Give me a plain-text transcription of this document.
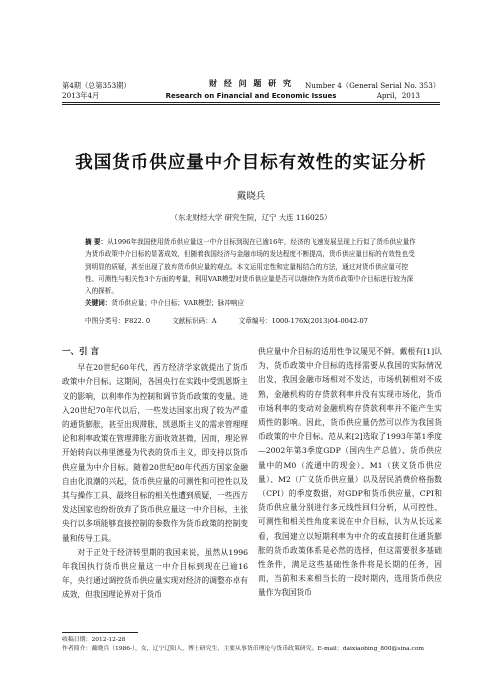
第4期（总第353期）
2013年4月
财 经 问 题 研 究
Research on Financial and Economic Issues
Number 4（General Serial No. 353）
April，2013
我国货币供应量中介目标有效性的实证分析
戴晓兵
（东北财经大学 研究生院，辽宁 大连 116025）
摘 要：从1996年我国使用货币供应量这一中介目标到现在已逾16年，经济的飞速发展呈现上行似了货币供应量作为货币政策中介目标的显著成效，但随着我国经济与金融市场的发达程度不断提高，货币供应量目标的有效性也受到明显的质疑，甚至出现了放弃货币供应量的观点。本文运用定性和定量相结合的方法，通过对货币供应量可控性、可测性与相关性3个方面的考量，利用VAR模型对货币供应量是否可以继续作为货币政策中介目标进行较为深入的探析。
关键词：货币供应量；中介目标；VAR模型；脉冲响应
中图分类号：F822. 0	文献标识码：A	文章编号：1000-176X(2013)04-0042-07
一、引 言

早在20世纪60年代，西方经济学家就提出了货币政策中介目标。这期间，各国央行在实践中受凯恩斯主义的影响，以利率作为控制和调节货币政策的变量。进入20世纪70年代以后，一些发达国家出现了较为严重的通货膨胀，甚至出现滞胀，凯恩斯主义的需求管理理论和利率政策在管理滞胀方面收效甚微，因而，理论界开始转向以弗里德曼为代表的货币主义，即支持以货币供应量为中介目标。随着20世纪80年代西方国家金融自由化浪潮的兴起，货币供应量的可测性和可控性以及其与操作工具、最终目标的相关性遭到质疑，一些西方发达国家也纷纷放弃了货币供应量这一中介目标，主张央行以多项能够直接控制的参数作为货币政策的控制变量和传导工具。

对于正处于经济转型期的我国来说，虽然从1996年我国执行货币供应量这一中介目标到现在已逾16年，央行通过调控货币供应量实现对经济的调整亦卓有成效，但我国理论界对于货币

供应量中介目标的适用性争议屡见不鲜。戴根有[1]认为，货币政策中介目标的选择需要从我国的实际情况出发，我国金融市场相对不发达，市场机制相对不成熟，金融机构的存贷款利率并没有实现市场化，货币市场利率的变动对金融机构存贷款利率并不能产生实质性的影响。因此，货币供应量仍然可以作为我国货币政策的中介目标。范从来[2]选取了1993年第1季度—2002年第3季度GDP（国内生产总值）、货币供应量中的M0（流通中的现金）、M1（狭义货币供应量）、M2（广义货币供应量）以及居民消费价格指数（CPI）的季度数据，对GDP和货币供应量，CPI和货币供应量分别进行多元线性回归分析，从可控性、可测性和相关性角度来说在中介目标，认为从长远来看，我国建立以短期利率为中介的或直接盯住通货膨胀的货币政策体系是必然的选择，但这需要很多基础性条件，满足这些基础性条件将是长期的任务，因而，当前和未来相当长的一段时期内，选用货币供应量作为我国货币

收稿日期：2012-12-28
作者简介：戴晓兵（1986-），女，辽宁辽阳人，博士研究生，主要从事货币理论与货币政策研究。E-mail：daixiaobing_800@sina.com
